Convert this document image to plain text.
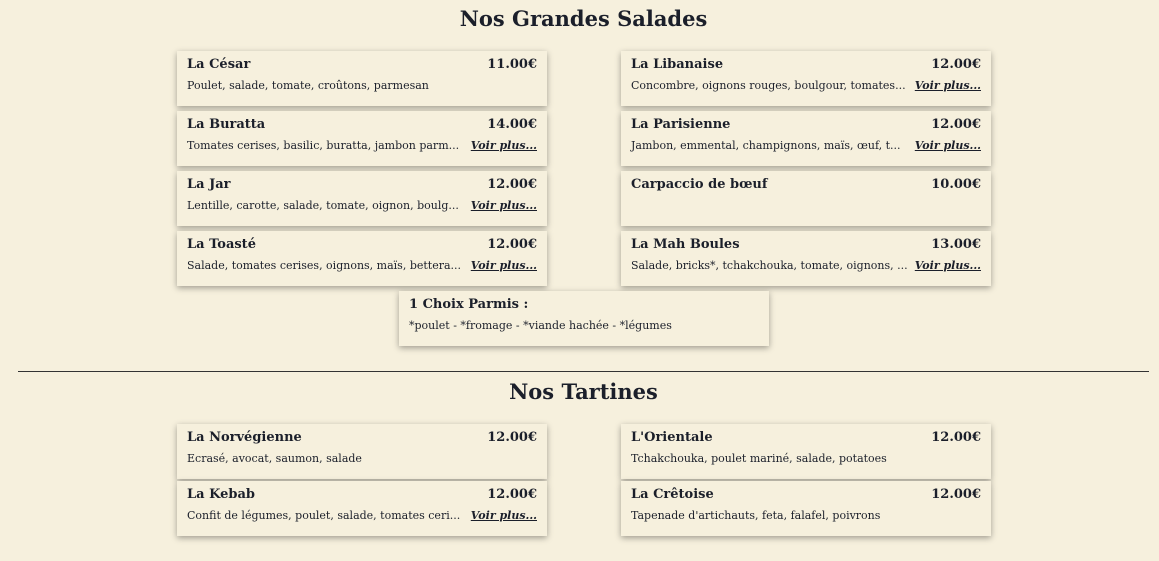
Nos Grandes Salades
La César	11.00€
Poulet, salade, tomate, croûtons, parmesan
La Buratta	14.00€
Tomates cerises, basilic, buratta, jambon parm... Voir plus...
La Jar	12.00€
Lentille, carotte, salade, tomate, oignon, boulg... Voir plus...
La Toasté	12.00€
Salade, tomates cerises, oignons, maïs, bettera... Voir plus...
La Libanaise	12.00€
Concombre, oignons rouges, boulgour, tomates... Voir plus...
La Parisienne	12.00€
Jambon, emmental, champignons, maïs, œuf, t... Voir plus...
Carpaccio de bœuf	10.00€
La Mah Boules	13.00€
Salade, bricks*, tchakchouka, tomate, oignons, ... Voir plus...
1 Choix Parmis :
*poulet - *fromage - *viande hachée - *légumes
Nos Tartines
La Norvégienne	12.00€
Ecrasé, avocat, saumon, salade
La Kebab	12.00€
Confit de légumes, poulet, salade, tomates ceri... Voir plus...
L'Orientale	12.00€
Tchakchouka, poulet mariné, salade, potatoes
La Crêtoise	12.00€
Tapenade d'artichauts, feta, falafel, poivrons
